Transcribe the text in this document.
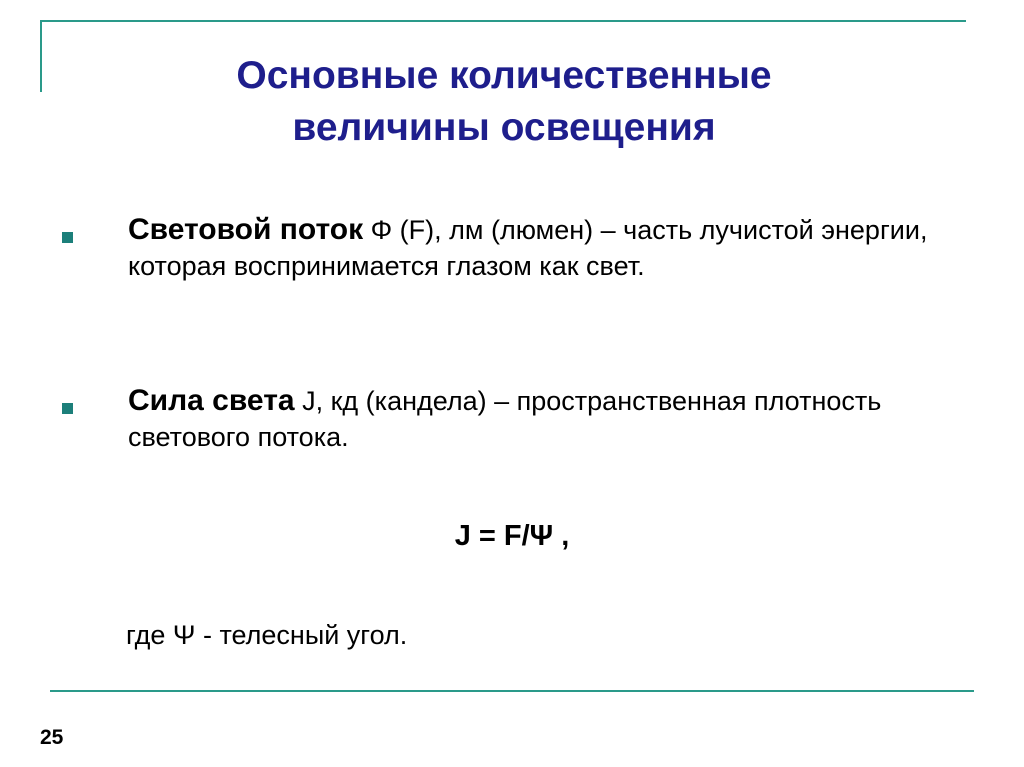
Основные количественные
величины освещения
Световой поток Φ (F), лм (люмен) – часть лучистой энергии, которая воспринимается глазом как свет.
Сила света J, кд (кандела) – пространственная плотность светового потока.
J = F/Ψ ,
где Ψ - телесный угол.
25
